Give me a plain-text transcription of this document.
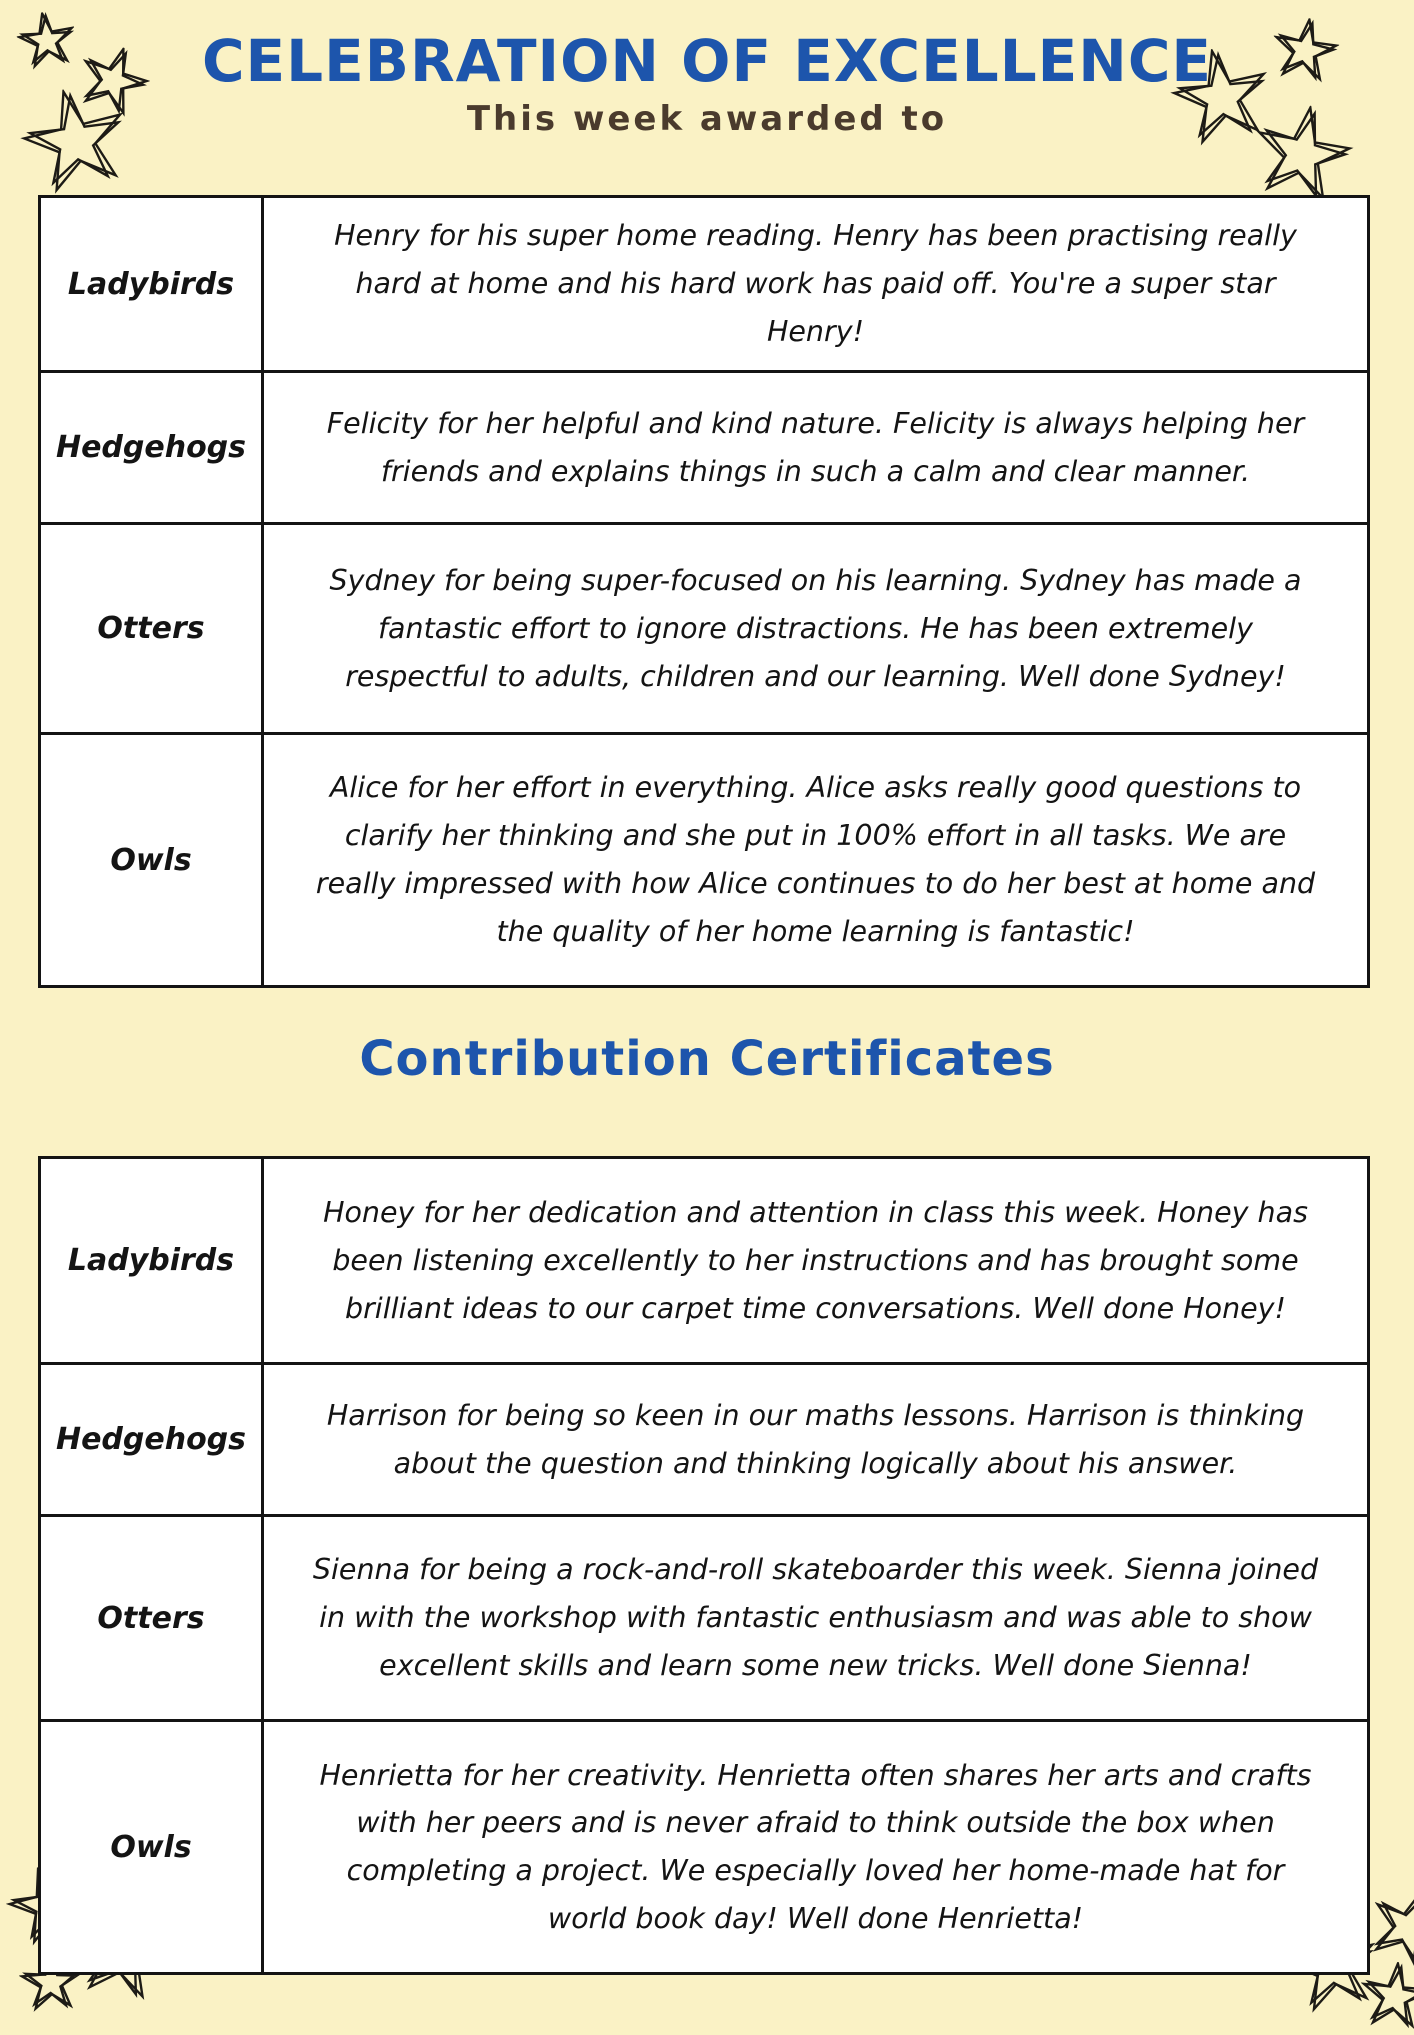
CELEBRATION OF EXCELLENCE
This week awarded to
Ladybirds	Henry for his super home reading. Henry has been practising really hard at home and his hard work has paid off. You're a super star Henry!
Hedgehogs	Felicity for her helpful and kind nature. Felicity is always helping her friends and explains things in such a calm and clear manner.
Otters	Sydney for being super-focused on his learning. Sydney has made a fantastic effort to ignore distractions. He has been extremely respectful to adults, children and our learning. Well done Sydney!
Owls	Alice for her effort in everything. Alice asks really good questions to clarify her thinking and she put in 100% effort in all tasks. We are really impressed with how Alice continues to do her best at home and the quality of her home learning is fantastic!
Contribution Certificates
Ladybirds	Honey for her dedication and attention in class this week. Honey has been listening excellently to her instructions and has brought some brilliant ideas to our carpet time conversations. Well done Honey!
Hedgehogs	Harrison for being so keen in our maths lessons. Harrison is thinking about the question and thinking logically about his answer.
Otters	Sienna for being a rock-and-roll skateboarder this week. Sienna joined in with the workshop with fantastic enthusiasm and was able to show excellent skills and learn some new tricks. Well done Sienna!
Owls	Henrietta for her creativity. Henrietta often shares her arts and crafts with her peers and is never afraid to think outside the box when completing a project. We especially loved her home-made hat for world book day! Well done Henrietta!
